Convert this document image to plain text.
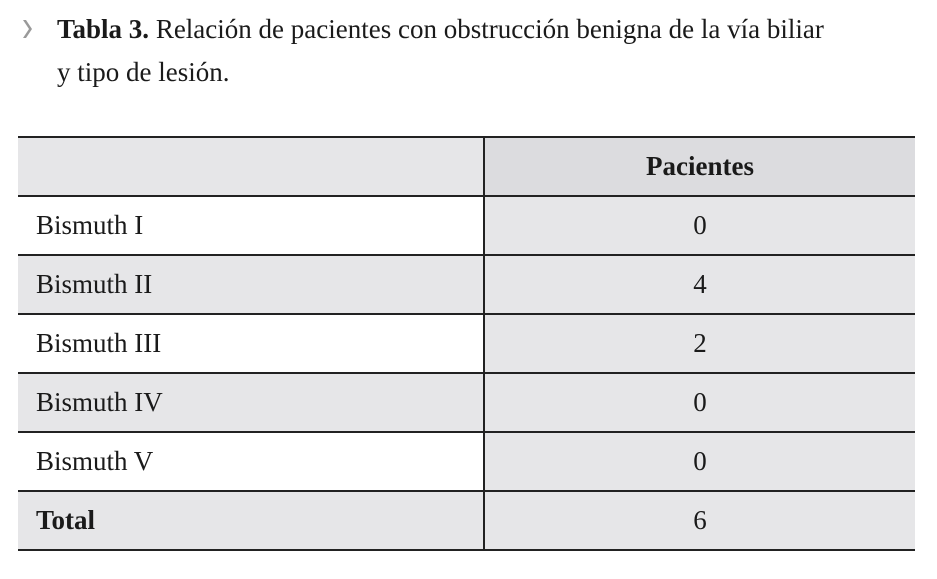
Tabla 3. Relación de pacientes con obstrucción benigna de la vía biliar
y tipo de lesión.
	Pacientes
Bismuth I	0
Bismuth II	4
Bismuth III	2
Bismuth IV	0
Bismuth V	0
Total	6
